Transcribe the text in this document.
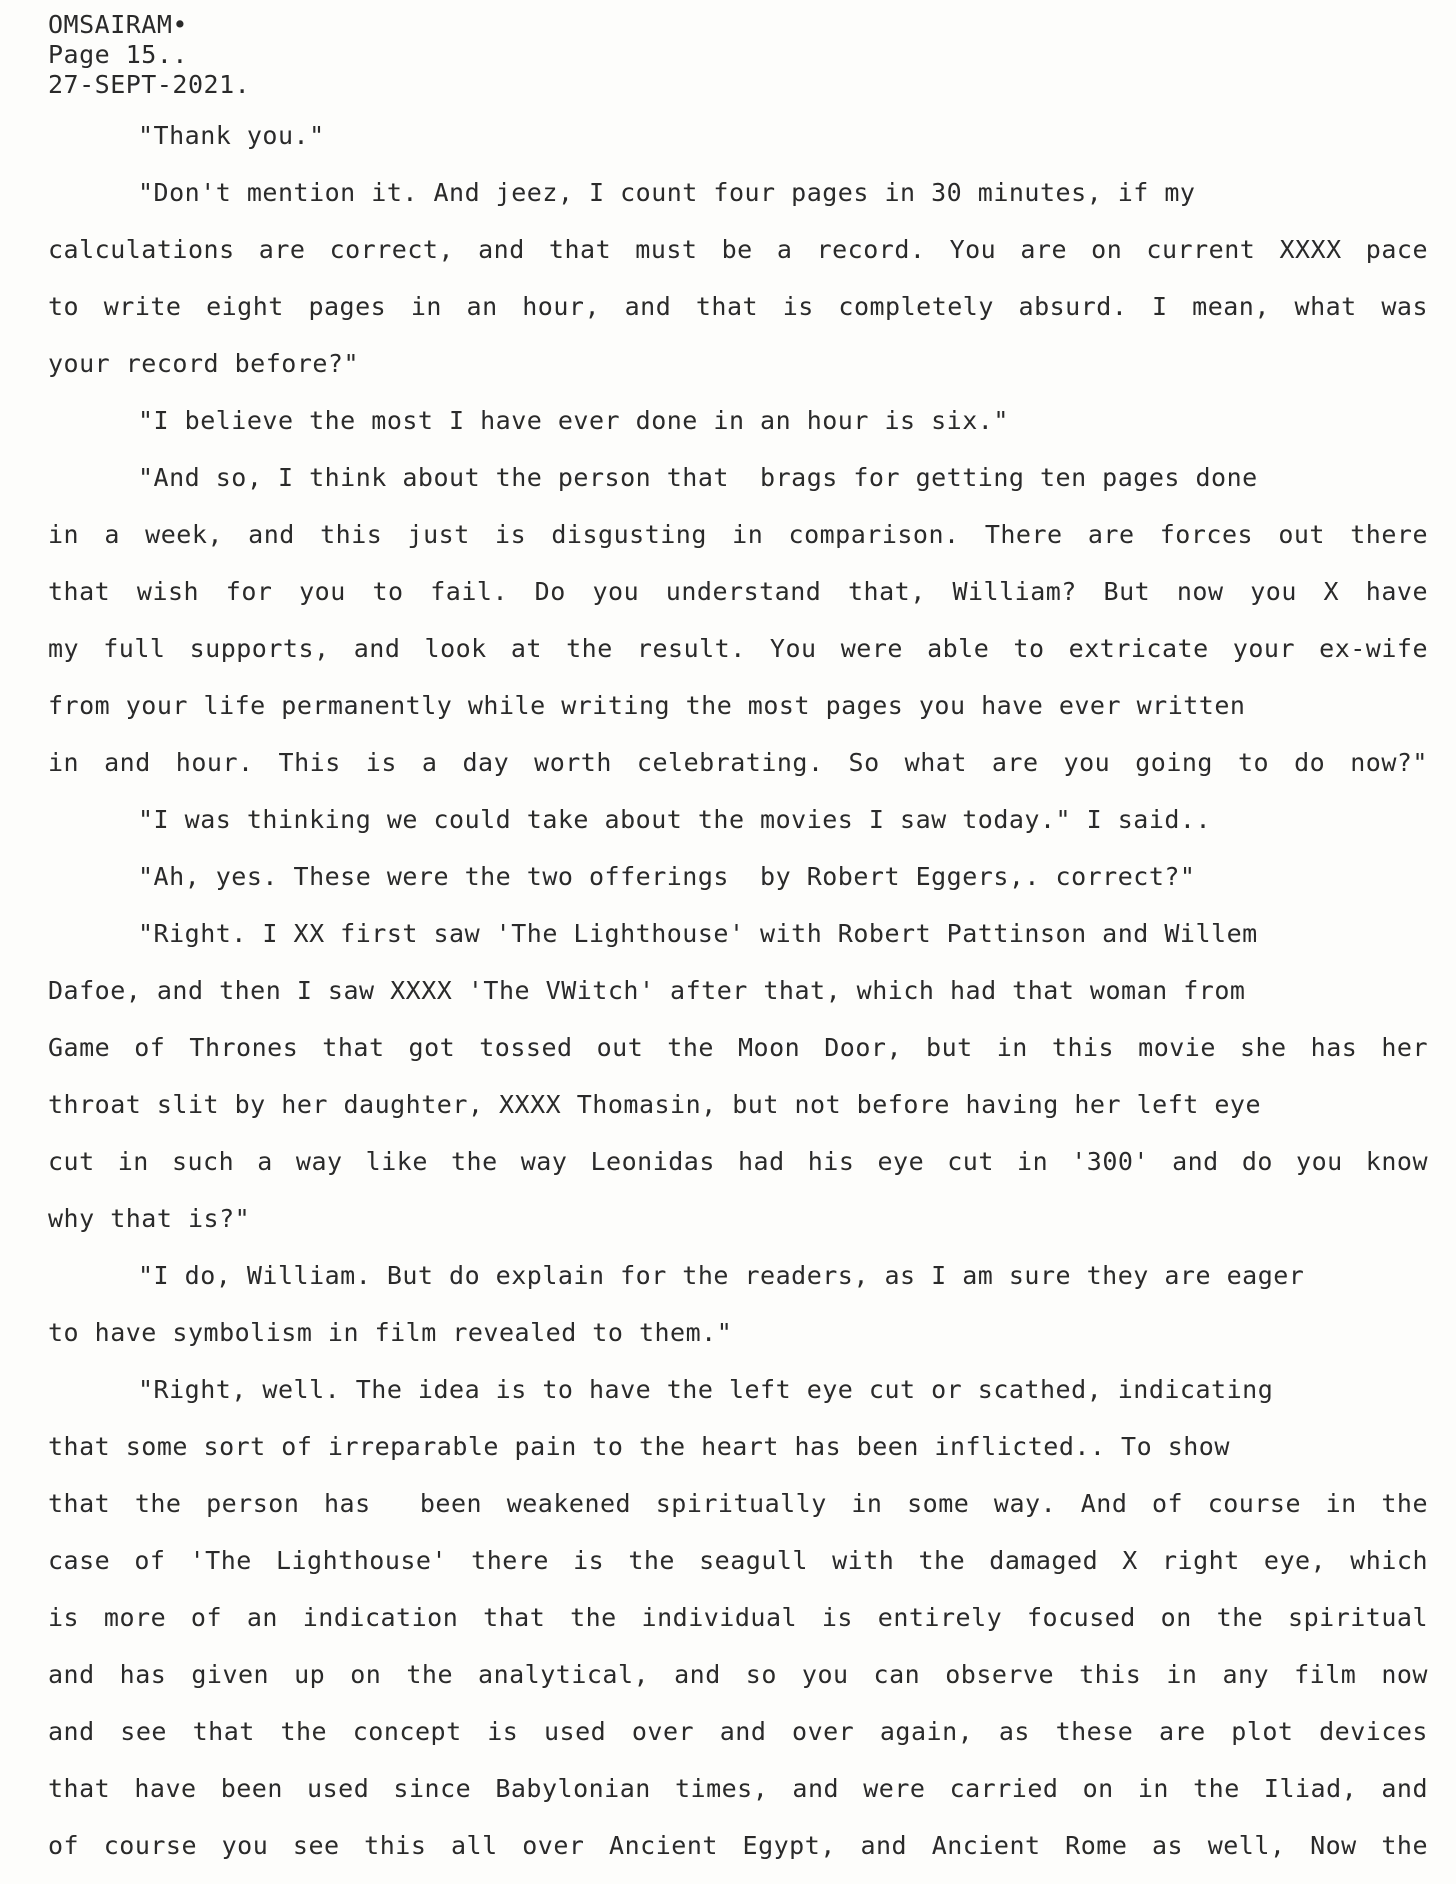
OMSAIRAM•
Page 15..
27-SEPT-2021.
"Thank you."
"Don't mention it. And jeez, I count four pages in 30 minutes, if my
calculations are correct, and that must be a record. You are on current XXXX pace
to write eight pages in an hour, and that is completely absurd. I mean, what was
your record before?"
"I believe the most I have ever done in an hour is six."
"And so, I think about the person that  brags for getting ten pages done
in a week, and this just is disgusting in comparison. There are forces out there
that wish for you to fail. Do you understand that, William? But now you X have
my full supports, and look at the result. You were able to extricate your ex-wife
from your life permanently while writing the most pages you have ever written
in and hour. This is a day worth celebrating. So what are you going to do now?"
"I was thinking we could take about the movies I saw today." I said..
"Ah, yes. These were the two offerings  by Robert Eggers,. correct?"
"Right. I XX first saw 'The Lighthouse' with Robert Pattinson and Willem
Dafoe, and then I saw XXXX 'The VWitch' after that, which had that woman from
Game of Thrones that got tossed out the Moon Door, but in this movie she has her
throat slit by her daughter, XXXX Thomasin, but not before having her left eye
cut in such a way like the way Leonidas had his eye cut in '300' and do you know
why that is?"
"I do, William. But do explain for the readers, as I am sure they are eager
to have symbolism in film revealed to them."
"Right, well. The idea is to have the left eye cut or scathed, indicating
that some sort of irreparable pain to the heart has been inflicted.. To show
that the person has  been weakened spiritually in some way. And of course in the
case of 'The Lighthouse' there is the seagull with the damaged X right eye, which
is more of an indication that the individual is entirely focused on the spiritual
and has given up on the analytical, and so you can observe this in any film now
and see that the concept is used over and over again, as these are plot devices
that have been used since Babylonian times, and were carried on in the Iliad, and
of course you see this all over Ancient Egypt, and Ancient Rome as well, Now the
